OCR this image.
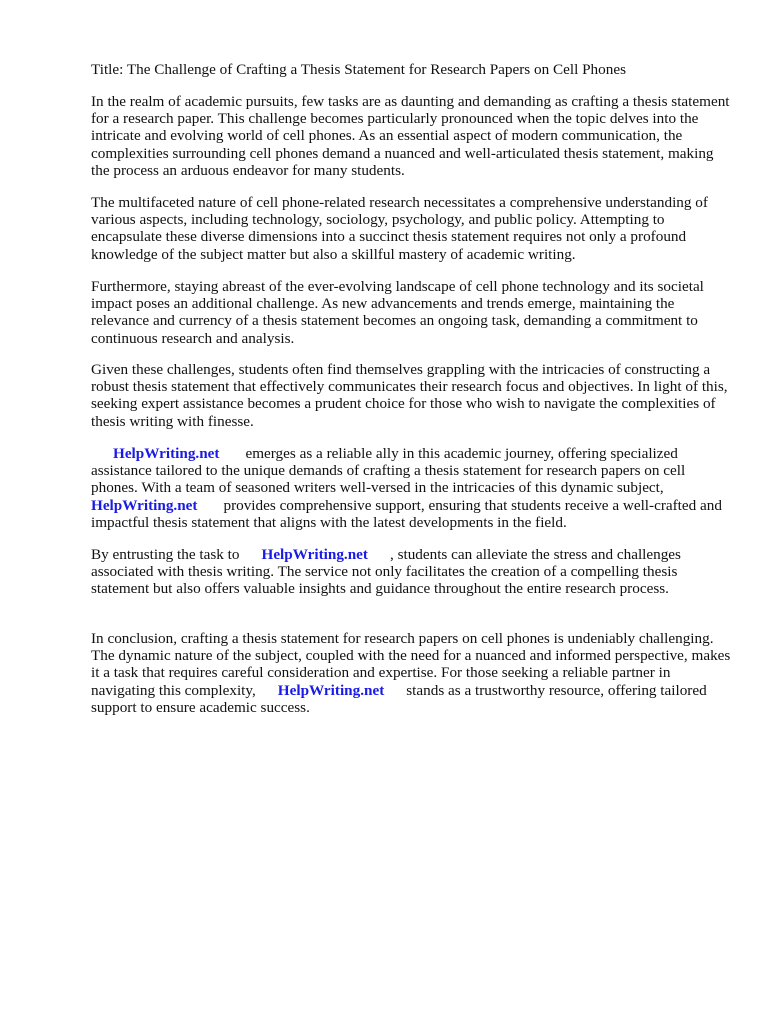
Title: The Challenge of Crafting a Thesis Statement for Research Papers on Cell Phones

In the realm of academic pursuits, few tasks are as daunting and demanding as crafting a thesis statement for a research paper. This challenge becomes particularly pronounced when the topic delves into the intricate and evolving world of cell phones. As an essential aspect of modern communication, the complexities surrounding cell phones demand a nuanced and well-articulated thesis statement, making the process an arduous endeavor for many students.

The multifaceted nature of cell phone-related research necessitates a comprehensive understanding of various aspects, including technology, sociology, psychology, and public policy. Attempting to encapsulate these diverse dimensions into a succinct thesis statement requires not only a profound knowledge of the subject matter but also a skillful mastery of academic writing.

Furthermore, staying abreast of the ever-evolving landscape of cell phone technology and its societal impact poses an additional challenge. As new advancements and trends emerge, maintaining the relevance and currency of a thesis statement becomes an ongoing task, demanding a commitment to continuous research and analysis.

Given these challenges, students often find themselves grappling with the intricacies of constructing a robust thesis statement that effectively communicates their research focus and objectives. In light of this, seeking expert assistance becomes a prudent choice for those who wish to navigate the complexities of thesis writing with finesse.

HelpWriting.net emerges as a reliable ally in this academic journey, offering specialized assistance tailored to the unique demands of crafting a thesis statement for research papers on cell phones. With a team of seasoned writers well-versed in the intricacies of this dynamic subject, HelpWriting.net provides comprehensive support, ensuring that students receive a well-crafted and impactful thesis statement that aligns with the latest developments in the field.

By entrusting the task to HelpWriting.net , students can alleviate the stress and challenges associated with thesis writing. The service not only facilitates the creation of a compelling thesis statement but also offers valuable insights and guidance throughout the entire research process.

In conclusion, crafting a thesis statement for research papers on cell phones is undeniably challenging. The dynamic nature of the subject, coupled with the need for a nuanced and informed perspective, makes it a task that requires careful consideration and expertise. For those seeking a reliable partner in navigating this complexity, HelpWriting.net stands as a trustworthy resource, offering tailored support to ensure academic success.
